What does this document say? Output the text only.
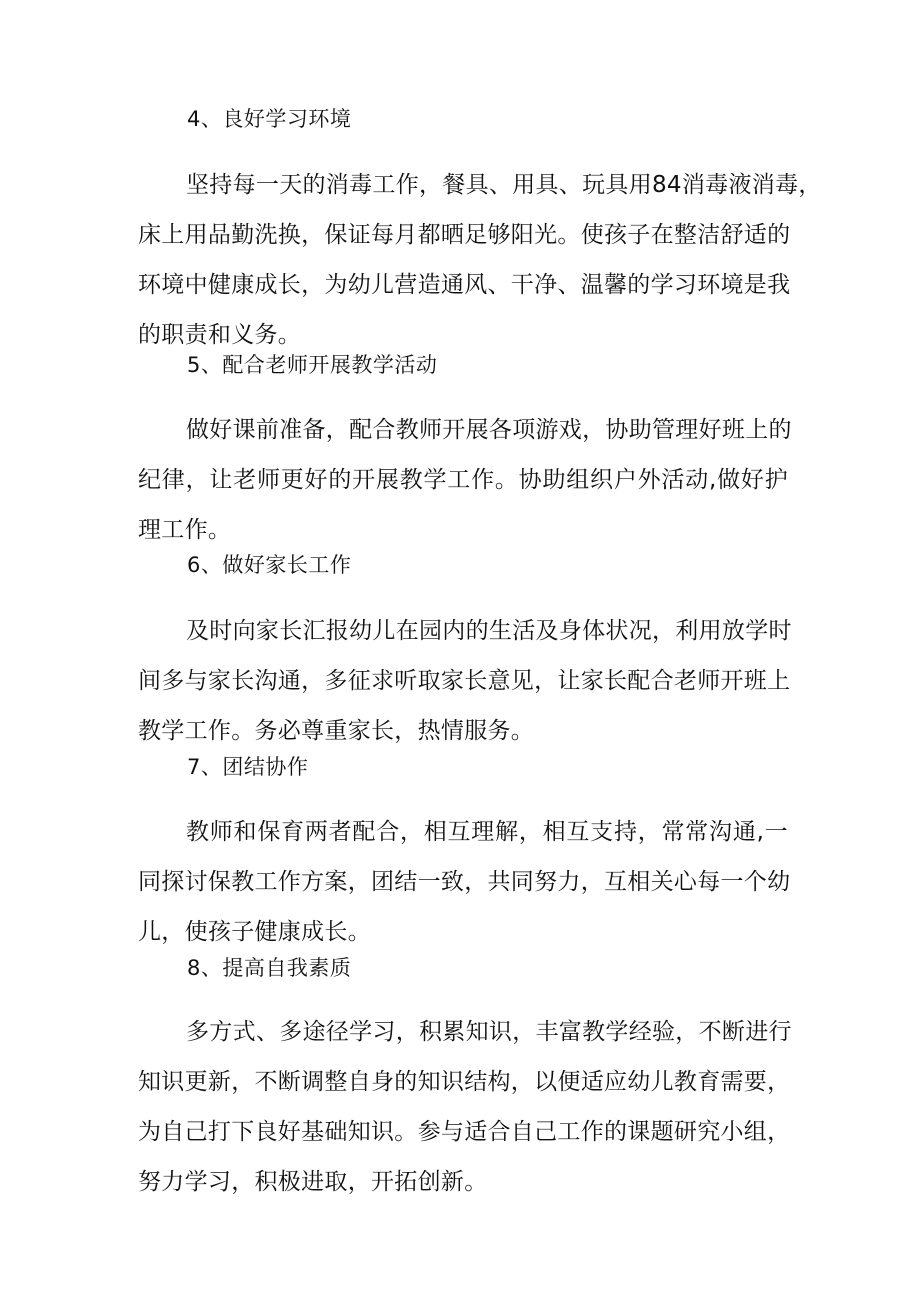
4、良好学习环境
坚持每一天的消毒工作，餐具、用具、玩具用84消毒液消毒，
床上用品勤洗换，保证每月都晒足够阳光。使孩子在整洁舒适的
环境中健康成长，为幼儿营造通风、干净、温馨的学习环境是我
的职责和义务。
5、配合老师开展教学活动
做好课前准备，配合教师开展各项游戏，协助管理好班上的
纪律，让老师更好的开展教学工作。协助组织户外活动,做好护
理工作。
6、做好家长工作
及时向家长汇报幼儿在园内的生活及身体状况，利用放学时
间多与家长沟通，多征求听取家长意见，让家长配合老师开班上
教学工作。务必尊重家长，热情服务。
7、团结协作
教师和保育两者配合，相互理解，相互支持，常常沟通,一
同探讨保教工作方案，团结一致，共同努力，互相关心每一个幼
儿，使孩子健康成长。
8、提高自我素质
多方式、多途径学习，积累知识，丰富教学经验，不断进行
知识更新，不断调整自身的知识结构，以便适应幼儿教育需要，
为自己打下良好基础知识。参与适合自己工作的课题研究小组，
努力学习，积极进取，开拓创新。
